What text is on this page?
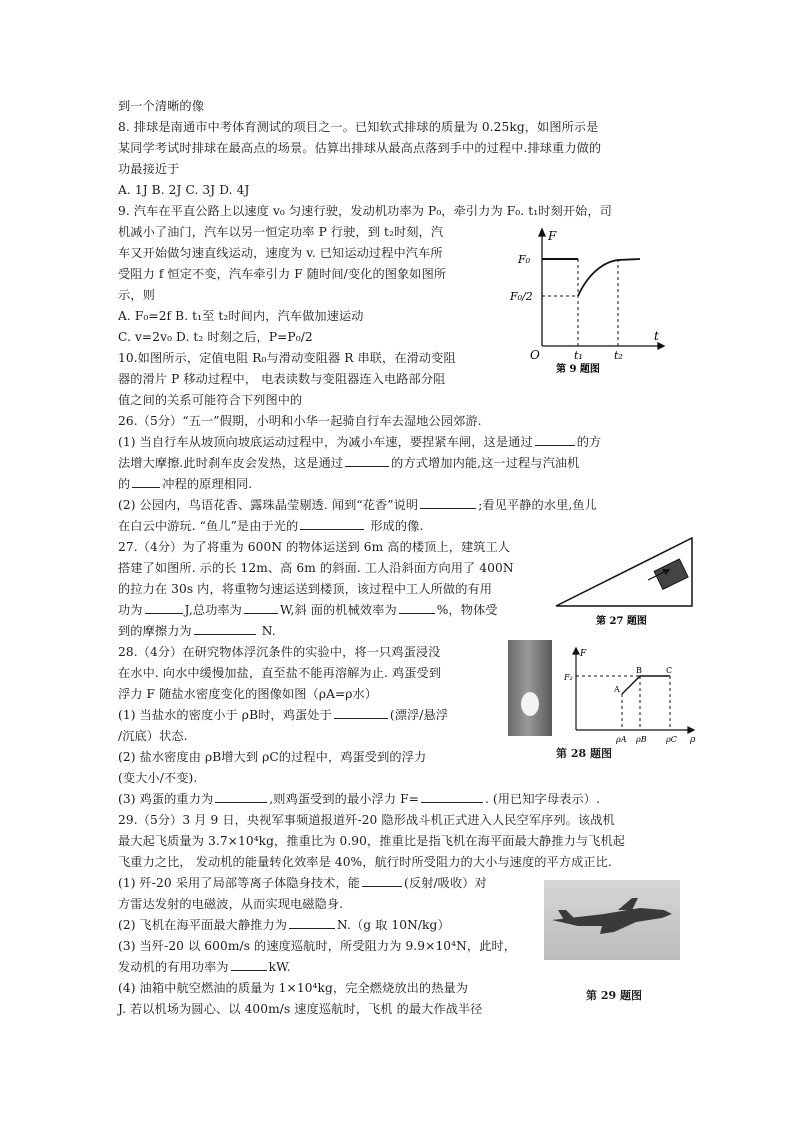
到一个清晰的像
8. 排球是南通市中考体育测试的项目之一。已知软式排球的质量为 0.25kg，如图所示是
某同学考试时排球在最高点的场景。估算出排球从最高点落到手中的过程中.排球重力做的
功最接近于
A. 1J B. 2J C. 3J D. 4J
9. 汽车在平直公路上以速度 v₀ 匀速行驶，发动机功率为 P₀，牵引力为 F₀. t₁时刻开始，司
机减小了油门，汽车以另一恒定功率 P 行驶，到 t₂时刻，汽
车又开始做匀速直线运动，速度为 v. 已知运动过程中汽车所
受阻力 f 恒定不变，汽车牵引力 F 随时间/变化的图象如图所
示，则
A. F₀=2f B. t₁至 t₂时间内，汽车做加速运动
C. v=2v₀ D. t₂ 时刻之后，P=P₀/2
10.如图所示，定值电阻 R₀与滑动变阻器 R 串联，在滑动变阻
器的滑片 P 移动过程中， 电表读数与变阻器连入电路部分阻
值之间的关系可能符合下列图中的
26.（5分）“五一”假期，小明和小华一起骑自行车去湿地公园郊游.
(1) 当自行车从坡顶向坡底运动过程中，为减小车速，要捏紧车闸，这是通过	的方
法增大摩擦.此时刹车皮会发热，这是通过	的方式增加内能,这一过程与汽油机
的	冲程的原理相同.
(2) 公园内，鸟语花香、露珠晶莹剔透. 闻到“花香”说明	;看见平静的水里,鱼儿
在白云中游玩. “鱼儿”是由于光的	形成的像.
27.（4分）为了将重为 600N 的物体运送到 6m 高的楼顶上，建筑工人
搭建了如图所. 示的长 12m、高 6m 的斜面. 工人沿斜面方向用了 400N
的拉力在 30s 内，将重物匀速运送到楼顶，该过程中工人所做的有用
功为	J,总功率为	W,斜 面的机械效率为	%，物体受
到的摩擦力为	N.
28.（4分）在研究物体浮沉条件的实验中，将一只鸡蛋浸没
在水中. 向水中缓慢加盐，直至盐不能再溶解为止. 鸡蛋受到
浮力 F 随盐水密度变化的图像如图（ρA=ρ水）
(1) 当盐水的密度小于 ρB时，鸡蛋处于	(漂浮/悬浮
/沉底）状态.
(2) 盐水密度由 ρB增大到 ρC的过程中，鸡蛋受到的浮力
(变大小/不变).
(3) 鸡蛋的重力为	,则鸡蛋受到的最小浮力 F=	. (用已知字母表示）.
29.（5分）3 月 9 日，央视军事频道报道歼-20 隐形战斗机正式进入人民空军序列。该战机
最大起飞质量为 3.7×10⁴kg，推重比为 0.90，推重比是指飞机在海平面最大静推力与飞机起
飞重力之比， 发动机的能量转化效率是 40%，航行时所受阻力的大小与速度的平方成正比.
(1) 歼-20 采用了局部等离子体隐身技术，能	(反射/吸收）对
方雷达发射的电磁波，从而实现电磁隐身.
(2) 飞机在海平面最大静推力为	N.（g 取 10N/kg）
(3) 当歼-20 以 600m/s 的速度巡航时，所受阻力为 9.9×10⁴N，此时，
发动机的有用功率为	kW.
(4) 油箱中航空燃油的质量为 1×10⁴kg，完全燃烧放出的热量为
J. 若以机场为圆心、以 400m/s 速度巡航时，飞机 的最大作战半径
F
t
O
F₀
F₀/2
t₁	t₂
第 9 题图
第 27 题图
F
ρ
F₂
A
B	C
ρA ρB ρC
第 28 题图
第 29 题图
